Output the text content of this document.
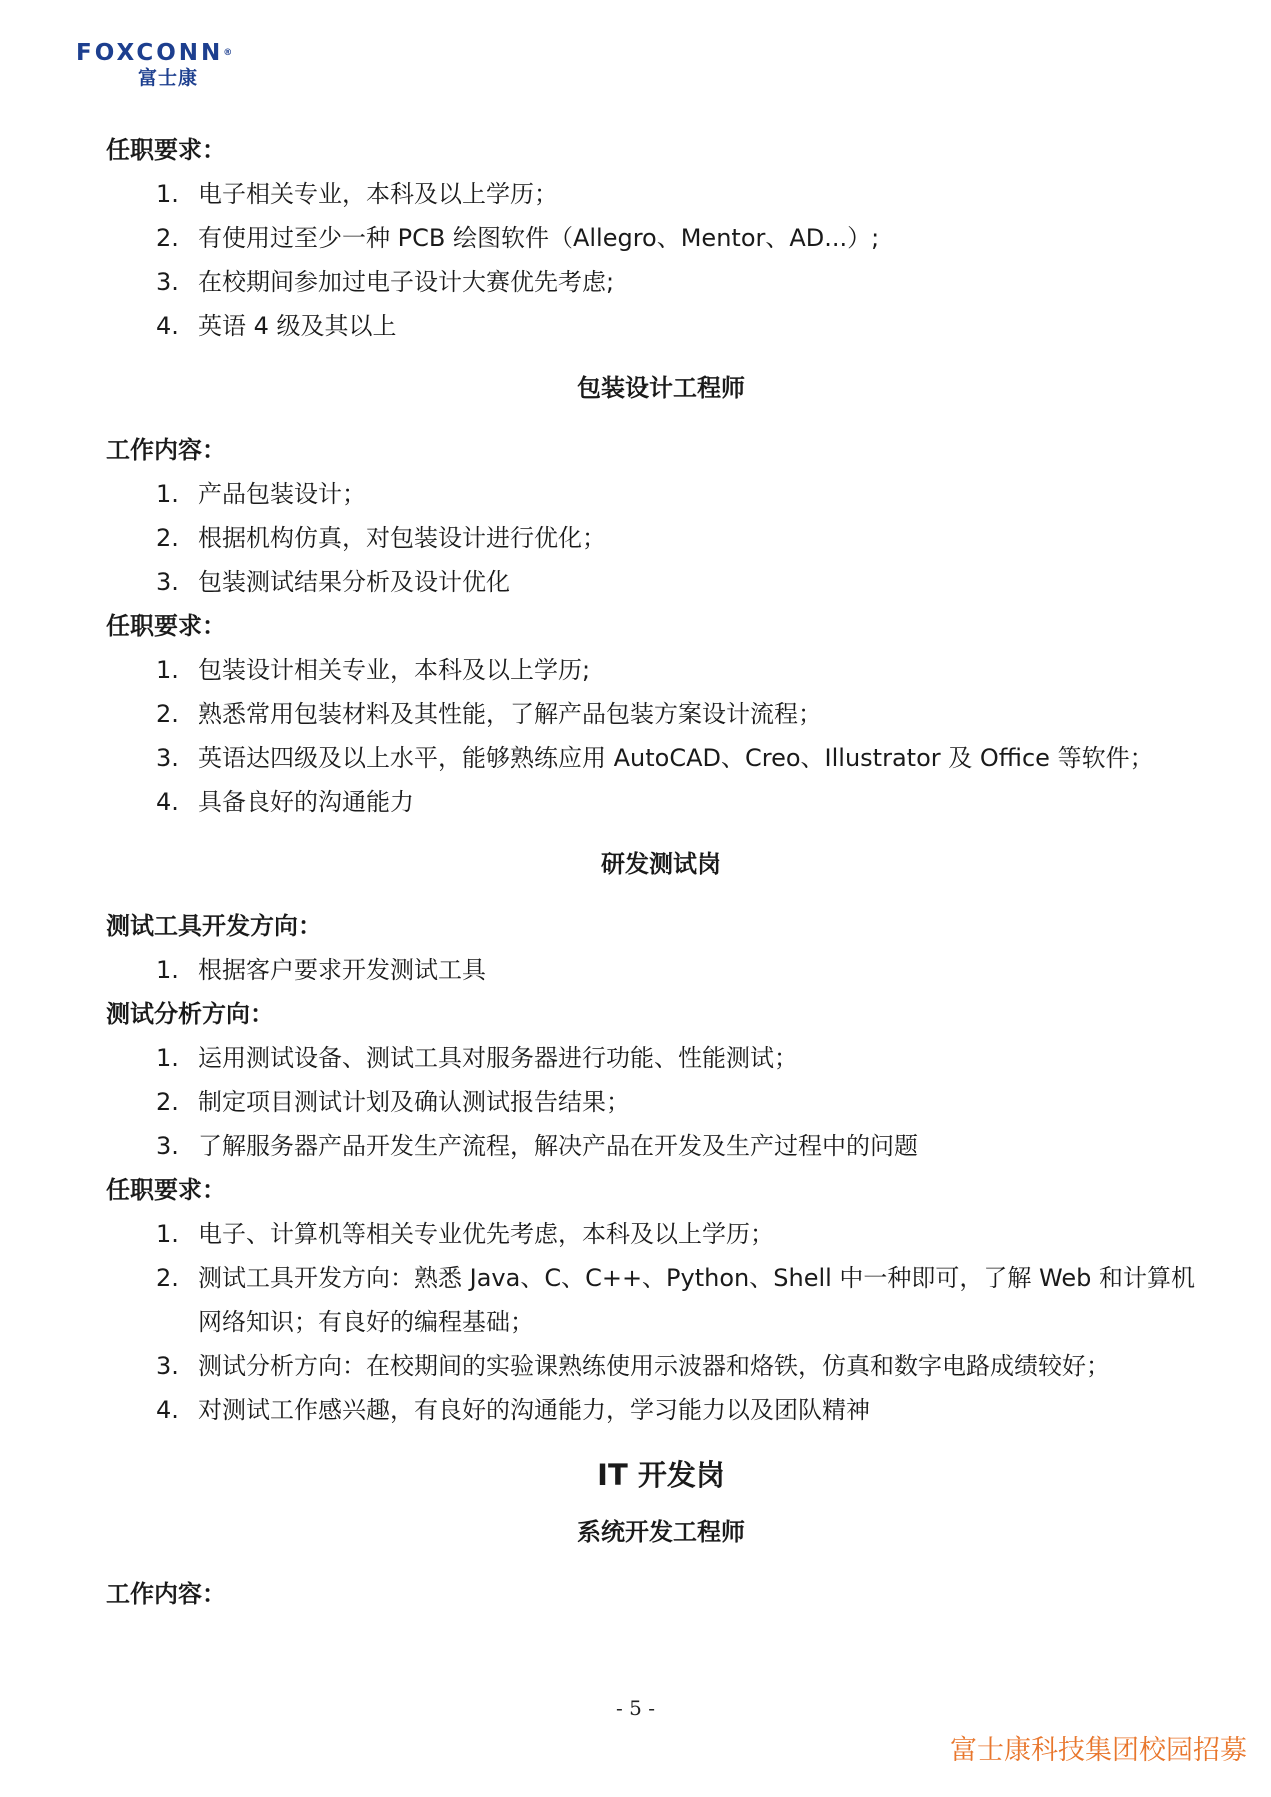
FOXCONN®
富士康
任职要求：
1. 电子相关专业，本科及以上学历；
2. 有使用过至少一种 PCB 绘图软件（Allegro、Mentor、AD...）;
3. 在校期间参加过电子设计大赛优先考虑;
4. 英语 4 级及其以上
包装设计工程师
工作内容：
1. 产品包装设计；
2. 根据机构仿真，对包装设计进行优化；
3. 包装测试结果分析及设计优化
任职要求：
1. 包装设计相关专业，本科及以上学历;
2. 熟悉常用包装材料及其性能，了解产品包装方案设计流程；
3. 英语达四级及以上水平，能够熟练应用 AutoCAD、Creo、Illustrator 及 Office 等软件；
4. 具备良好的沟通能力
研发测试岗
测试工具开发方向：
1. 根据客户要求开发测试工具
测试分析方向：
1. 运用测试设备、测试工具对服务器进行功能、性能测试；
2. 制定项目测试计划及确认测试报告结果；
3. 了解服务器产品开发生产流程，解决产品在开发及生产过程中的问题
任职要求：
1. 电子、计算机等相关专业优先考虑，本科及以上学历；
2. 测试工具开发方向：熟悉 Java、C、C++、Python、Shell 中一种即可，了解 Web 和计算机网络知识；有良好的编程基础；
3. 测试分析方向：在校期间的实验课熟练使用示波器和烙铁，仿真和数字电路成绩较好；
4. 对测试工作感兴趣，有良好的沟通能力，学习能力以及团队精神
IT 开发岗
系统开发工程师
工作内容：
- 5 -
富士康科技集团校园招募
